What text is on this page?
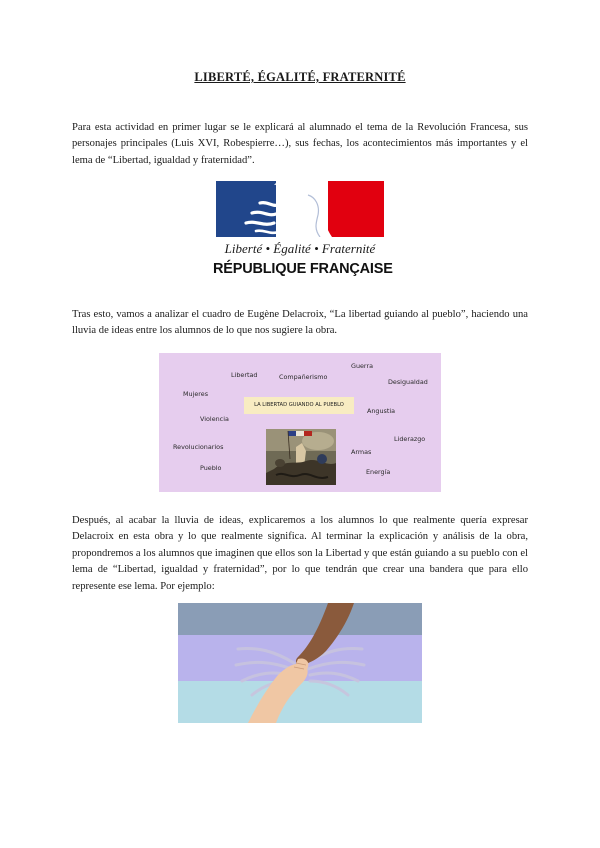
LIBERTÉ, ÉGALITÉ, FRATERNITÉ

Para esta actividad en primer lugar se le explicará al alumnado el tema de la Revolución Francesa, sus personajes principales (Luis XVI, Robespierre…), sus fechas, los acontecimientos más importantes y el lema de “Libertad, igualdad y fraternidad”.

Liberté • Égalité • Fraternité
RÉPUBLIQUE FRANÇAISE

Tras esto, vamos a analizar el cuadro de Eugène Delacroix, “La libertad guiando al pueblo”, haciendo una lluvia de ideas entre los alumnos de lo que nos sugiere la obra.

Libertad	Compañerismo
Guerra
Desigualdad
Mujeres
Angustia
Violencia
Revolucionarios
Liderazgo
Armas
Pueblo	Energía
LA LIBERTAD GUIANDO AL PUEBLO

Después, al acabar la lluvia de ideas, explicaremos a los alumnos lo que realmente quería expresar Delacroix en esta obra y lo que realmente significa. Al terminar la explicación y análisis de la obra, propondremos a los alumnos que imaginen que ellos son la Libertad y que están guiando a su pueblo con el lema de “Libertad, igualdad y fraternidad”, por lo que tendrán que crear una bandera que para ello represente ese lema. Por ejemplo:
